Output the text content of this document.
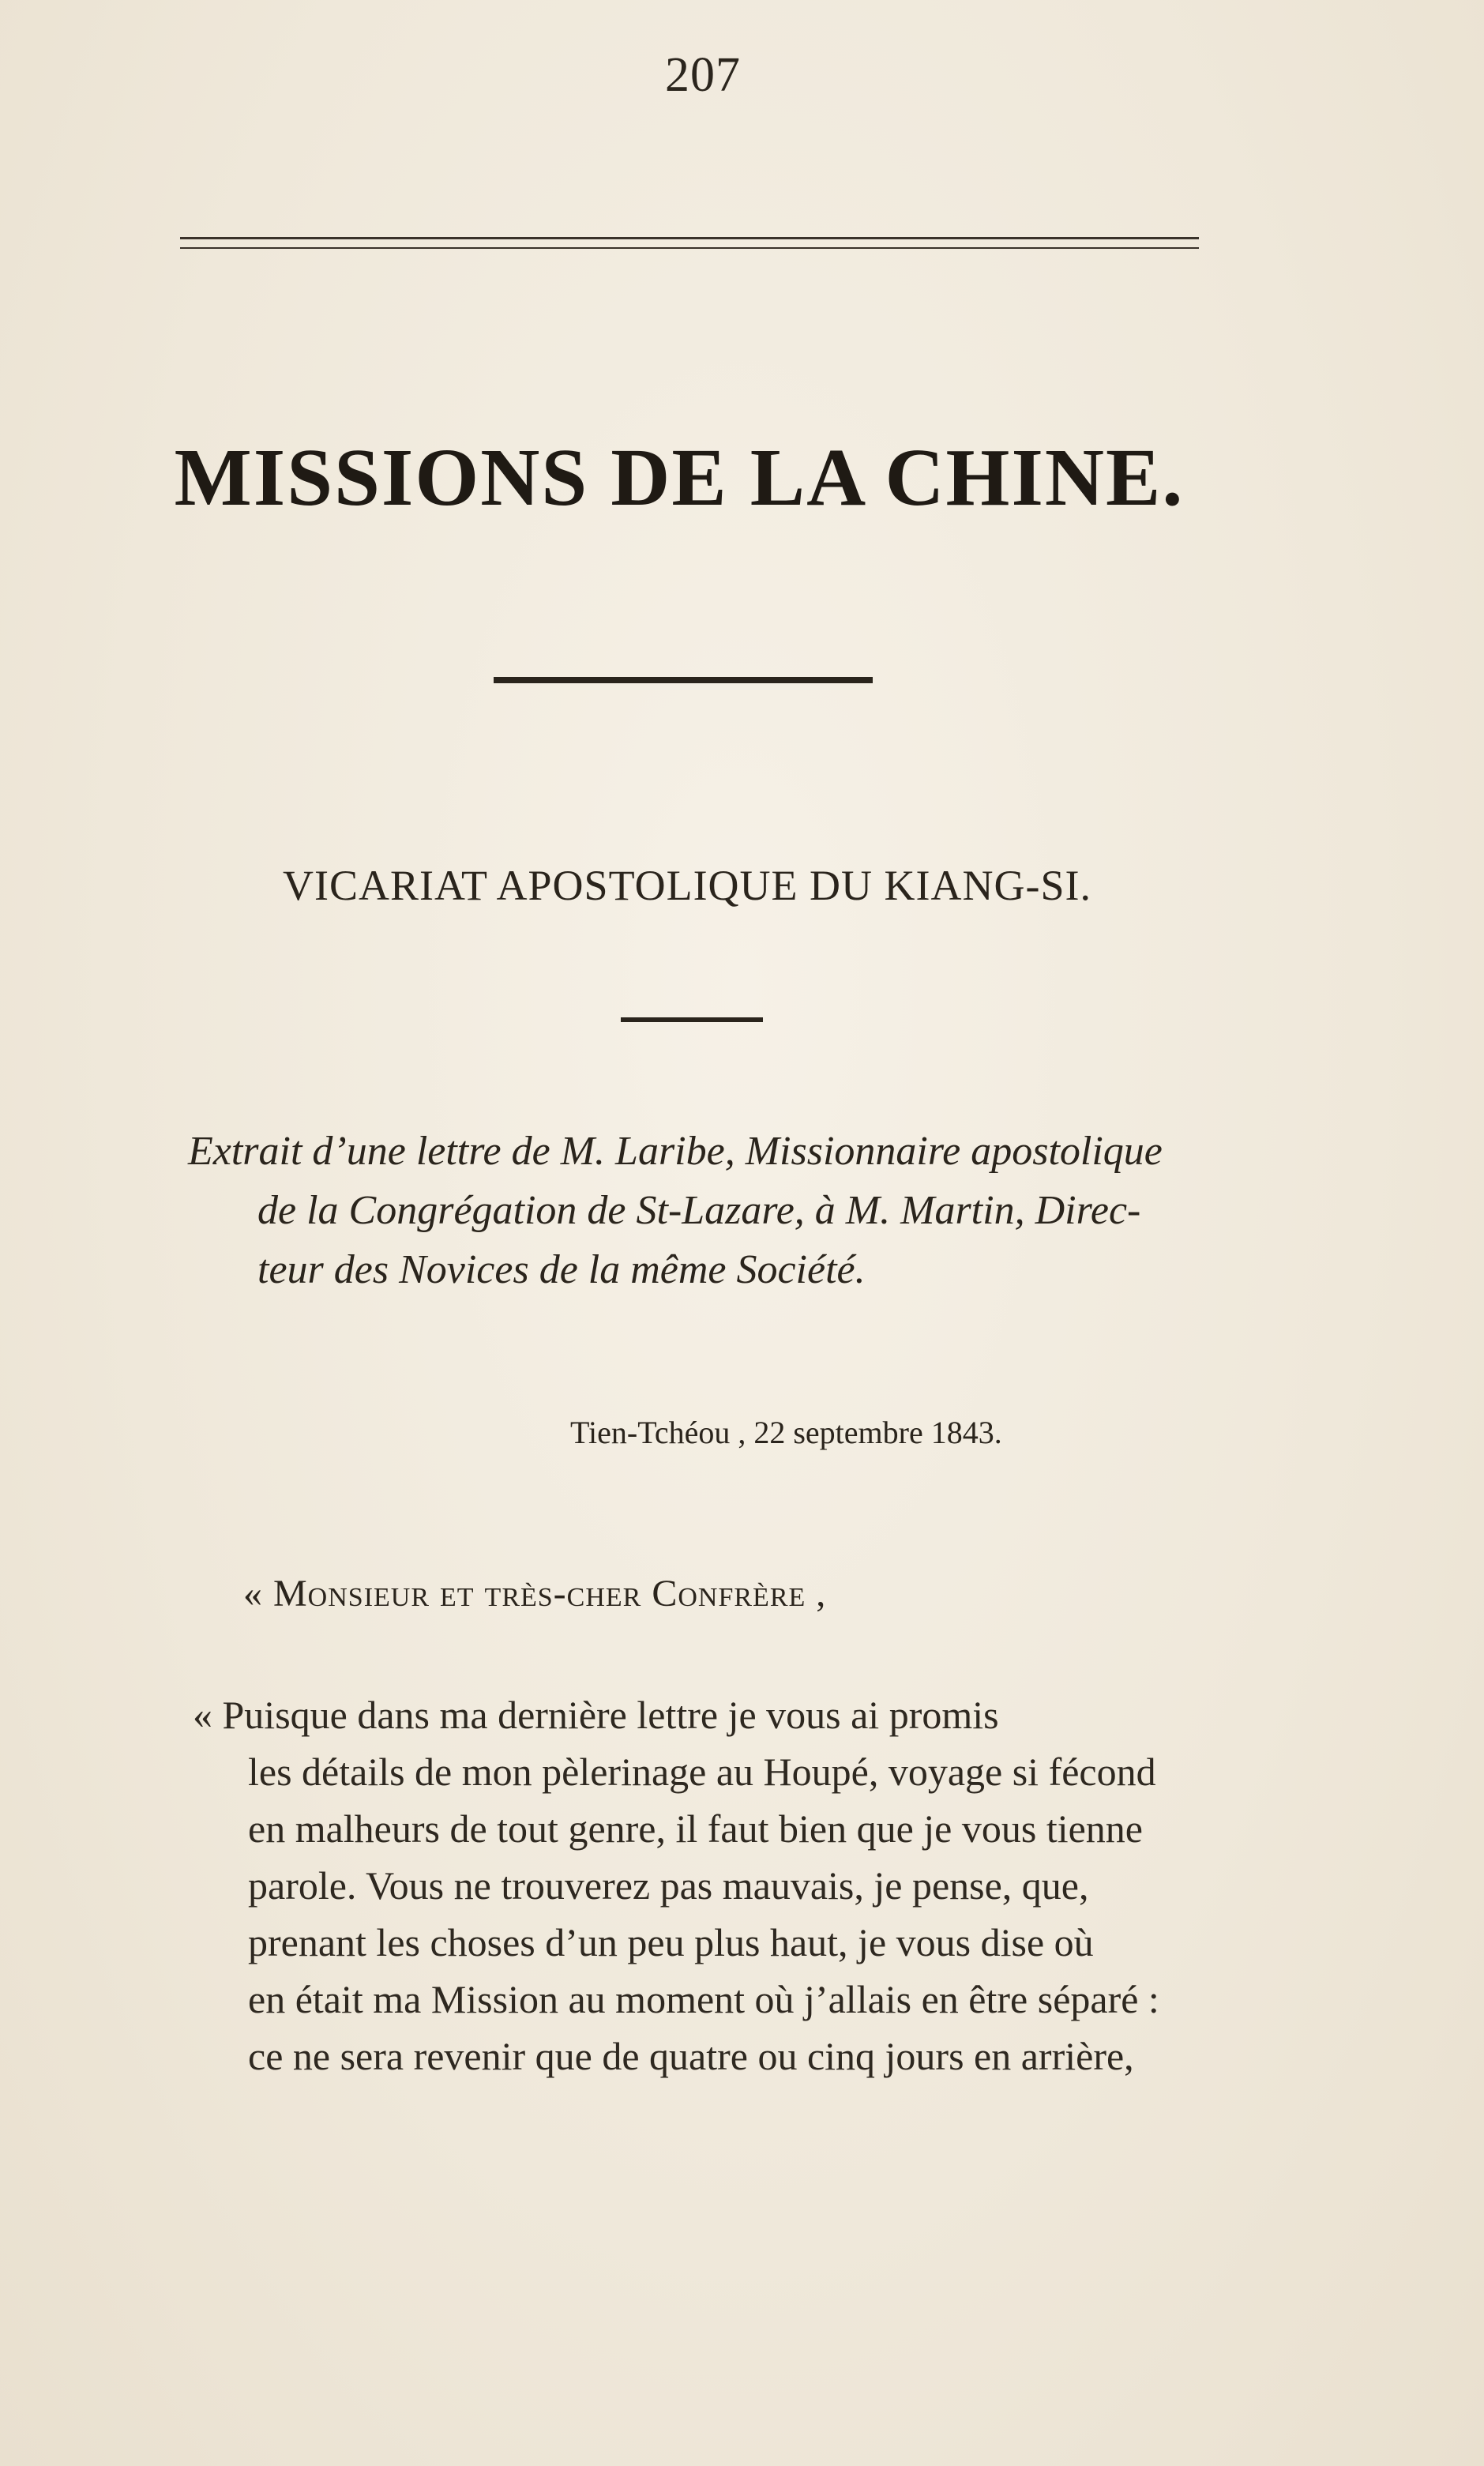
207
MISSIONS DE LA CHINE.
VICARIAT APOSTOLIQUE DU KIANG-SI.
Extrait d’une lettre de M. Laribe, Missionnaire apostolique
de la Congrégation de St-Lazare, à M. Martin, Direc-
teur des Novices de la même Société.
Tien-Tchéou , 22 septembre 1843.
« Monsieur et très-cher Confrère ,
« Puisque dans ma dernière lettre je vous ai promis
les détails de mon pèlerinage au Houpé, voyage si fécond
en malheurs de tout genre, il faut bien que je vous tienne
parole. Vous ne trouverez pas mauvais, je pense, que,
prenant les choses d’un peu plus haut, je vous dise où
en était ma Mission au moment où j’allais en être séparé :
ce ne sera revenir que de quatre ou cinq jours en arrière,
